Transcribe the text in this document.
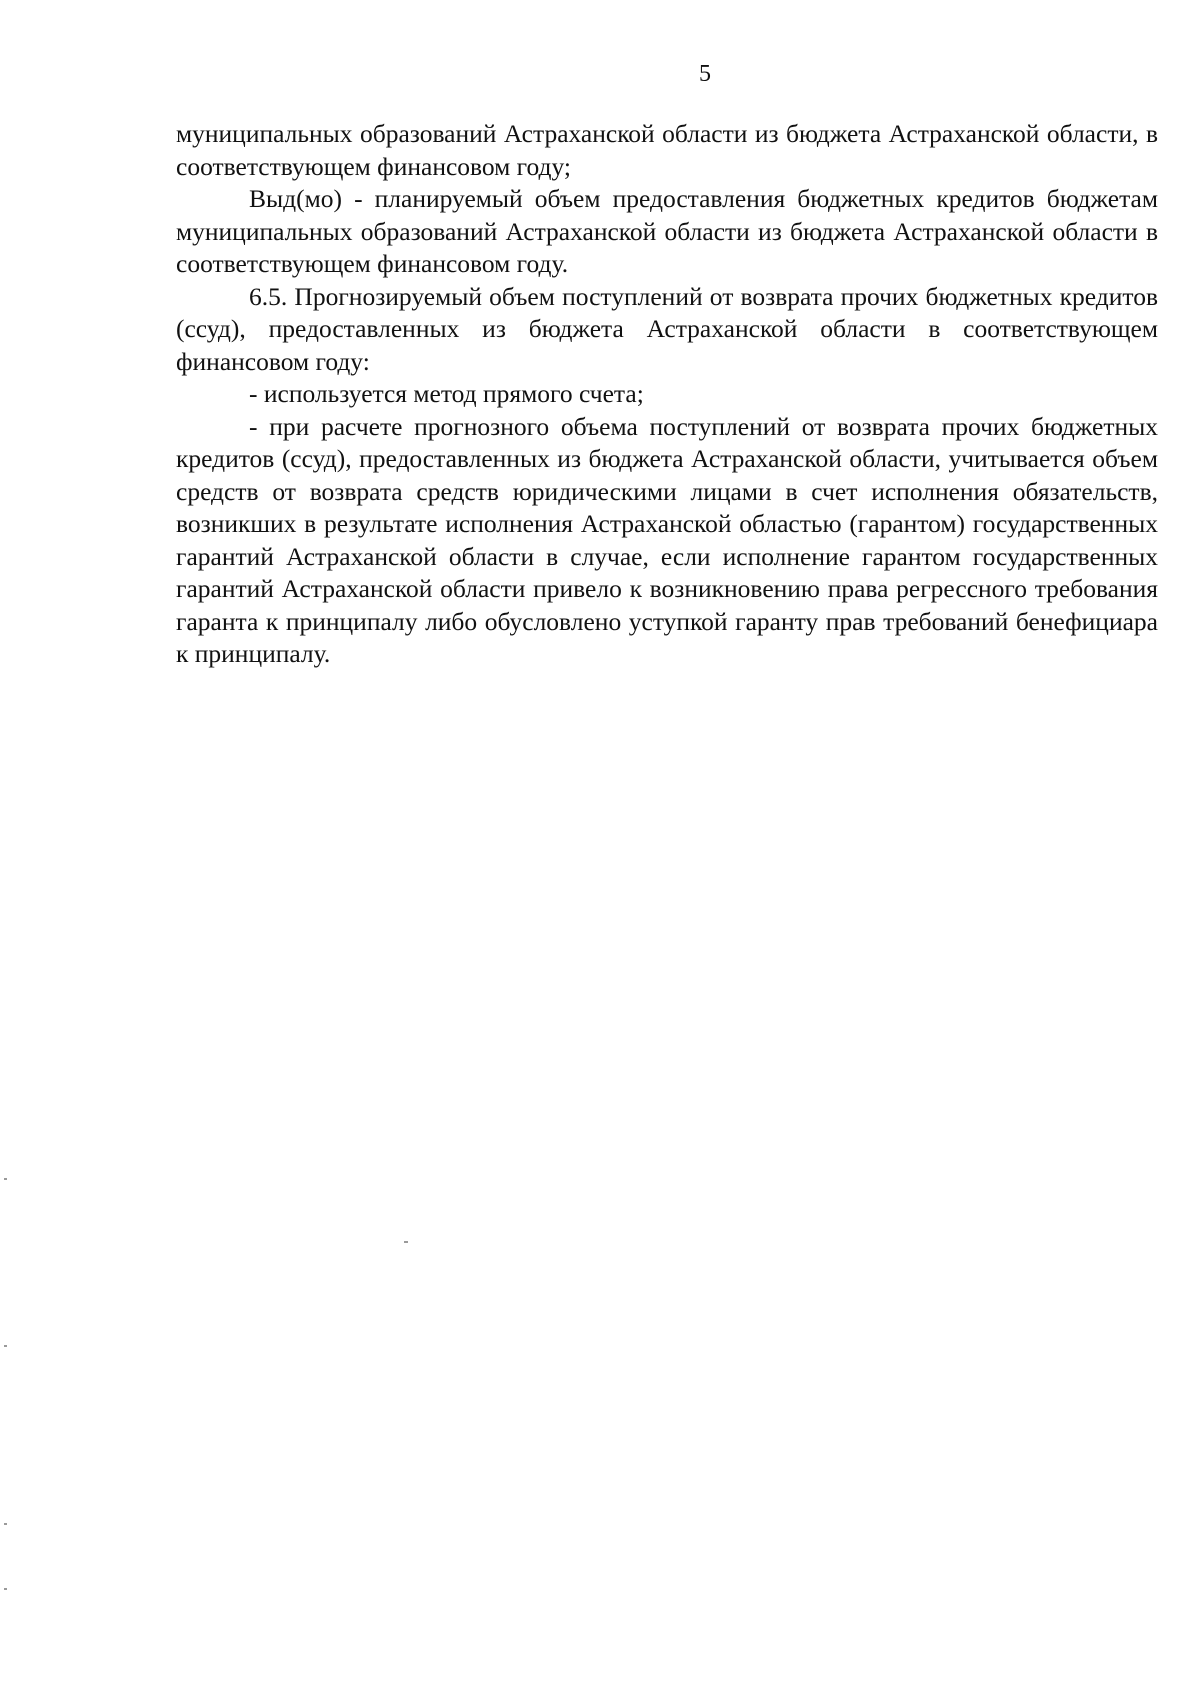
5

муниципальных образований Астраханской области из бюджета Астраханской области, в соответствующем финансовом году;

Выд(мо) - планируемый объем предоставления бюджетных кредитов бюджетам муниципальных образований Астраханской области из бюджета Астраханской области в соответствующем финансовом году.

6.5. Прогнозируемый объем поступлений от возврата прочих бюджетных кредитов (ссуд), предоставленных из бюджета Астраханской области в соответствующем финансовом году:

- используется метод прямого счета;

- при расчете прогнозного объема поступлений от возврата прочих бюджетных кредитов (ссуд), предоставленных из бюджета Астраханской области, учитывается объем средств от возврата средств юридическими лицами в счет исполнения обязательств, возникших в результате исполнения Астраханской областью (гарантом) государственных гарантий Астраханской области в случае, если исполнение гарантом государственных гарантий Астраханской области привело к возникновению права регрессного требования гаранта к принципалу либо обусловлено уступкой гаранту прав требований бенефициара к принципалу.
